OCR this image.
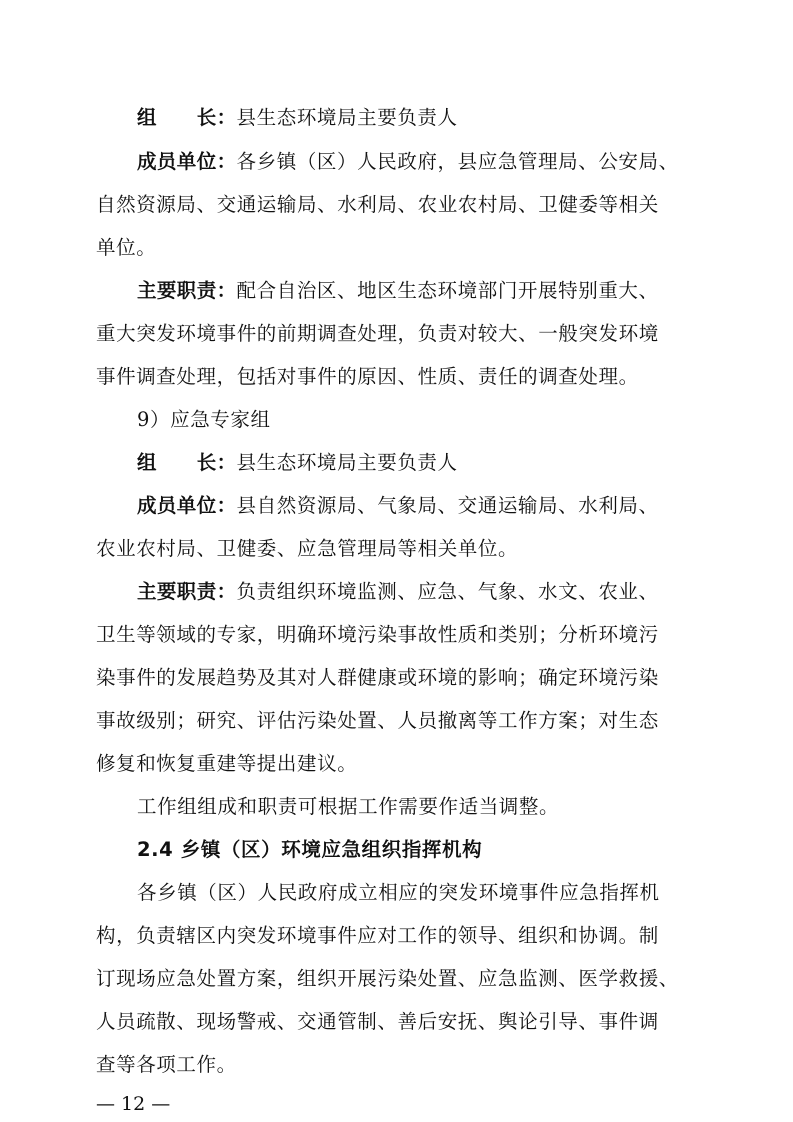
组　　长：县生态环境局主要负责人
成员单位：各乡镇（区）人民政府，县应急管理局、公安局、
自然资源局、交通运输局、水利局、农业农村局、卫健委等相关
单位。
主要职责：配合自治区、地区生态环境部门开展特别重大、
重大突发环境事件的前期调查处理，负责对较大、一般突发环境
事件调查处理，包括对事件的原因、性质、责任的调查处理。
9）应急专家组
组　　长：县生态环境局主要负责人
成员单位：县自然资源局、气象局、交通运输局、水利局、
农业农村局、卫健委、应急管理局等相关单位。
主要职责：负责组织环境监测、应急、气象、水文、农业、
卫生等领域的专家，明确环境污染事故性质和类别；分析环境污
染事件的发展趋势及其对人群健康或环境的影响；确定环境污染
事故级别；研究、评估污染处置、人员撤离等工作方案；对生态
修复和恢复重建等提出建议。
工作组组成和职责可根据工作需要作适当调整。
2.4 乡镇（区）环境应急组织指挥机构
各乡镇（区）人民政府成立相应的突发环境事件应急指挥机
构，负责辖区内突发环境事件应对工作的领导、组织和协调。制
订现场应急处置方案，组织开展污染处置、应急监测、医学救援、
人员疏散、现场警戒、交通管制、善后安抚、舆论引导、事件调
查等各项工作。
— 12 —
